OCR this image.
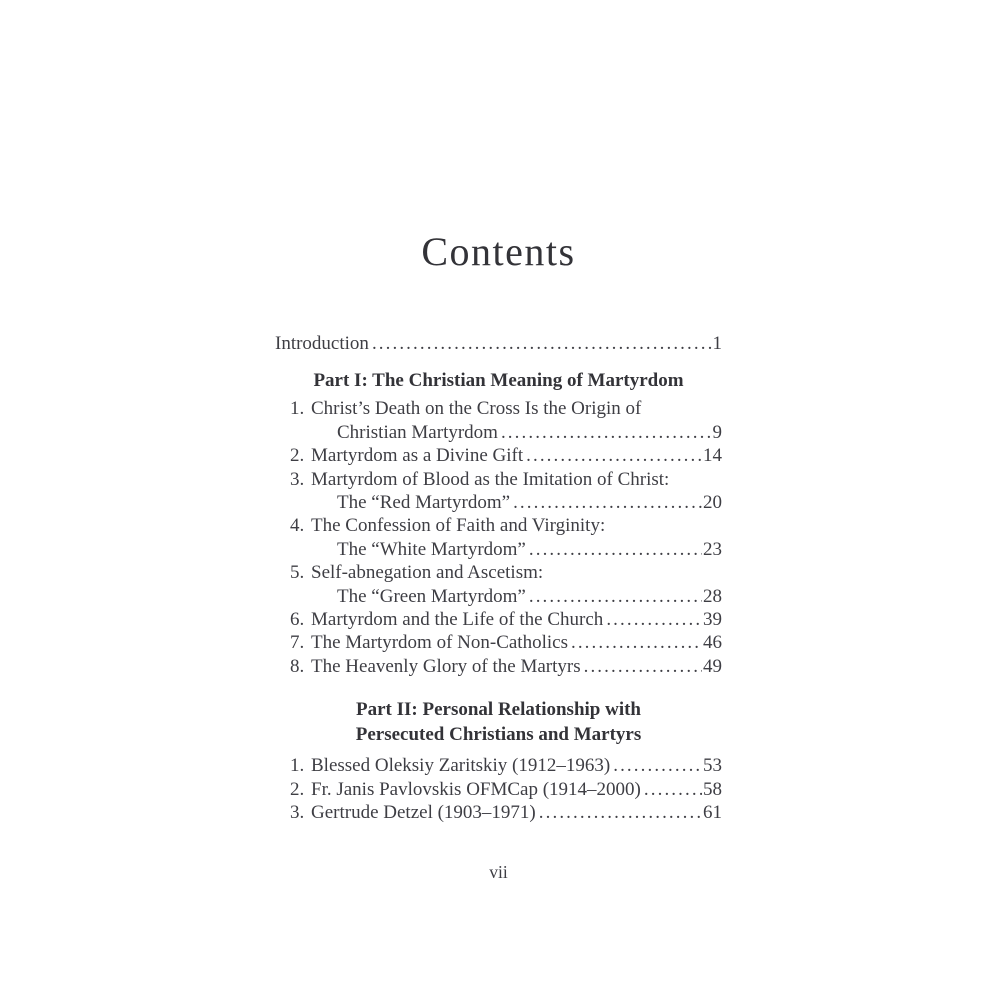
Contents
Introduction .....	1
Part I: The Christian Meaning of Martyrdom
1. Christ’s Death on the Cross Is the Origin of
Christian Martyrdom .....	9
2. Martyrdom as a Divine Gift .....	14
3. Martyrdom of Blood as the Imitation of Christ:
The “Red Martyrdom” .....	20
4. The Confession of Faith and Virginity:
The “White Martyrdom” .....	23
5. Self-abnegation and Ascetism:
The “Green Martyrdom” .....	28
6. Martyrdom and the Life of the Church .....	39
7. The Martyrdom of Non-Catholics .....	46
8. The Heavenly Glory of the Martyrs .....	49
Part II: Personal Relationship with
Persecuted Christians and Martyrs
1. Blessed Oleksiy Zaritskiy (1912–1963) .....	53
2. Fr. Janis Pavlovskis OFMCap (1914–2000) .....	58
3. Gertrude Detzel (1903–1971) .....	61
vii
